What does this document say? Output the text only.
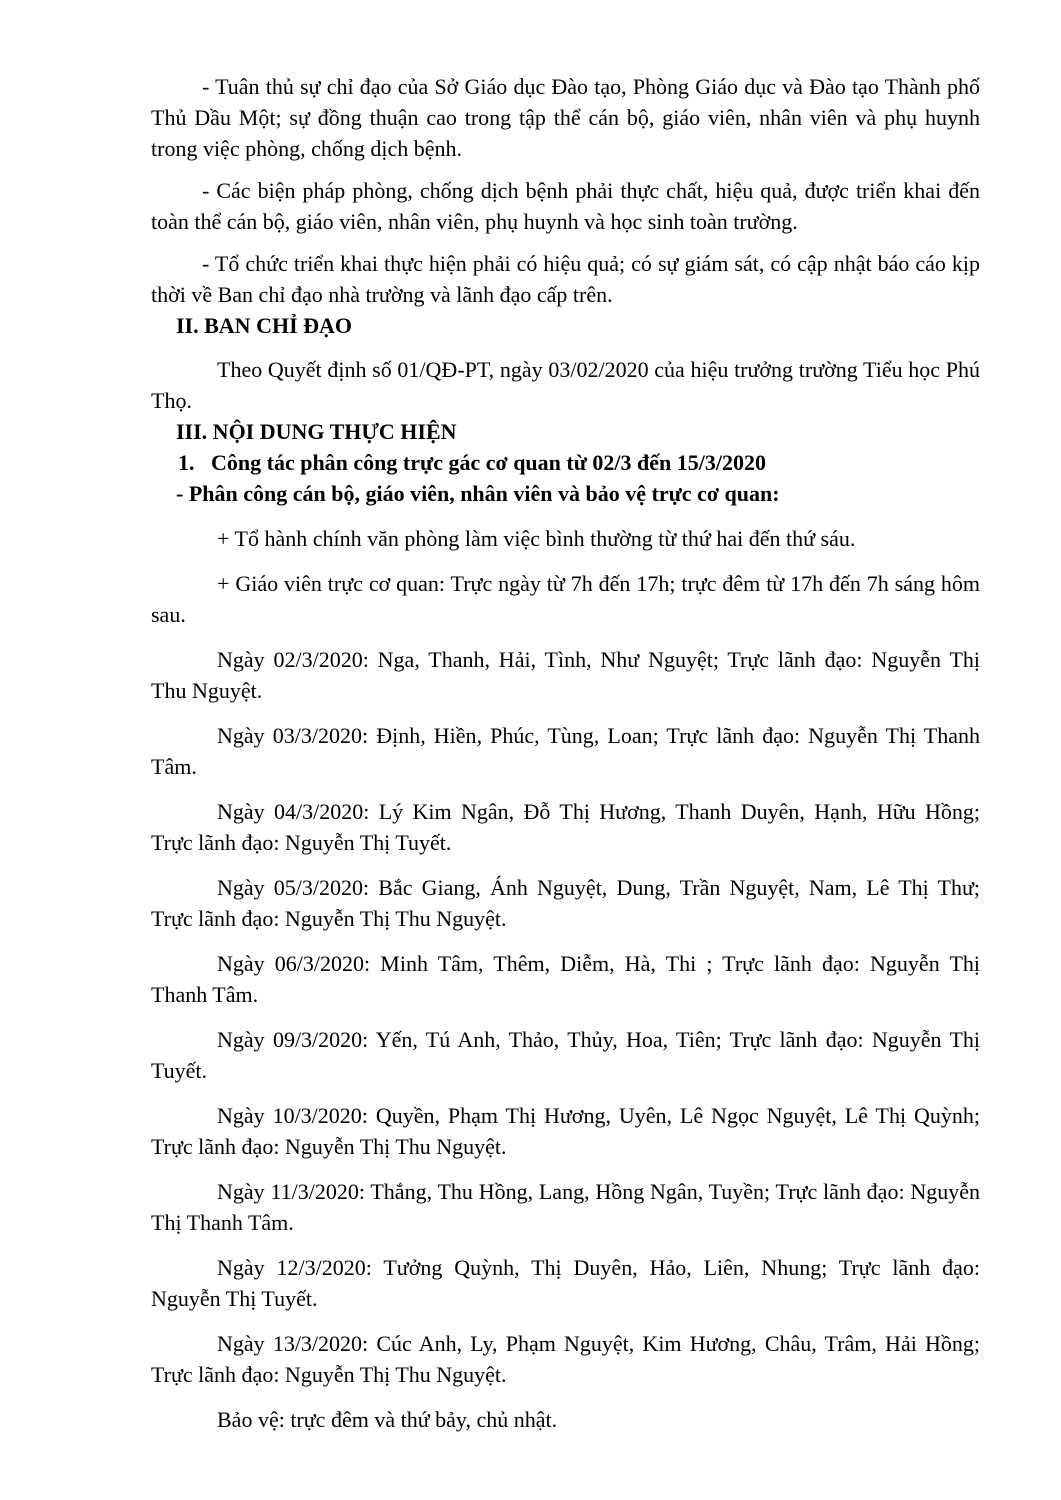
- Tuân thủ sự chỉ đạo của Sở Giáo dục Đào tạo, Phòng Giáo dục và Đào tạo Thành phố Thủ Dầu Một; sự đồng thuận cao trong tập thể cán bộ, giáo viên, nhân viên và phụ huynh trong việc phòng, chống dịch bệnh.

- Các biện pháp phòng, chống dịch bệnh phải thực chất, hiệu quả, được triển khai đến toàn thể cán bộ, giáo viên, nhân viên, phụ huynh và học sinh toàn trường.

- Tổ chức triển khai thực hiện phải có hiệu quả; có sự giám sát, có cập nhật báo cáo kịp thời về Ban chỉ đạo nhà trường và lãnh đạo cấp trên.

II. BAN CHỈ ĐẠO

Theo Quyết định số 01/QĐ-PT, ngày 03/02/2020 của hiệu trưởng trường Tiểu học Phú Thọ.

III. NỘI DUNG THỰC HIỆN

1. Công tác phân công trực gác cơ quan từ 02/3 đến 15/3/2020

- Phân công cán bộ, giáo viên, nhân viên và bảo vệ trực cơ quan:

+ Tổ hành chính văn phòng làm việc bình thường từ thứ hai đến thứ sáu.

+ Giáo viên trực cơ quan: Trực ngày từ 7h đến 17h; trực đêm từ 17h đến 7h sáng hôm sau.

Ngày 02/3/2020: Nga, Thanh, Hải, Tình, Như Nguyệt; Trực lãnh đạo: Nguyễn Thị Thu Nguyệt.

Ngày 03/3/2020: Định, Hiền, Phúc, Tùng, Loan; Trực lãnh đạo: Nguyễn Thị Thanh Tâm.

Ngày 04/3/2020: Lý Kim Ngân, Đỗ Thị Hương, Thanh Duyên, Hạnh, Hữu Hồng; Trực lãnh đạo: Nguyễn Thị Tuyết.

Ngày 05/3/2020: Bắc Giang, Ánh Nguyệt, Dung, Trần Nguyệt, Nam, Lê Thị Thư; Trực lãnh đạo: Nguyễn Thị Thu Nguyệt.

Ngày 06/3/2020: Minh Tâm, Thêm, Diễm, Hà, Thi ; Trực lãnh đạo: Nguyễn Thị Thanh Tâm.

Ngày 09/3/2020: Yến, Tú Anh, Thảo, Thủy, Hoa, Tiên; Trực lãnh đạo: Nguyễn Thị Tuyết.

Ngày 10/3/2020: Quyền, Phạm Thị Hương, Uyên, Lê Ngọc Nguyệt, Lê Thị Quỳnh; Trực lãnh đạo: Nguyễn Thị Thu Nguyệt.

Ngày 11/3/2020: Thắng, Thu Hồng, Lang, Hồng Ngân, Tuyền; Trực lãnh đạo: Nguyễn Thị Thanh Tâm.

Ngày 12/3/2020: Tưởng Quỳnh, Thị Duyên, Hảo, Liên, Nhung; Trực lãnh đạo: Nguyễn Thị Tuyết.

Ngày 13/3/2020: Cúc Anh, Ly, Phạm Nguyệt, Kim Hương, Châu, Trâm, Hải Hồng; Trực lãnh đạo: Nguyễn Thị Thu Nguyệt.

Bảo vệ: trực đêm và thứ bảy, chủ nhật.
